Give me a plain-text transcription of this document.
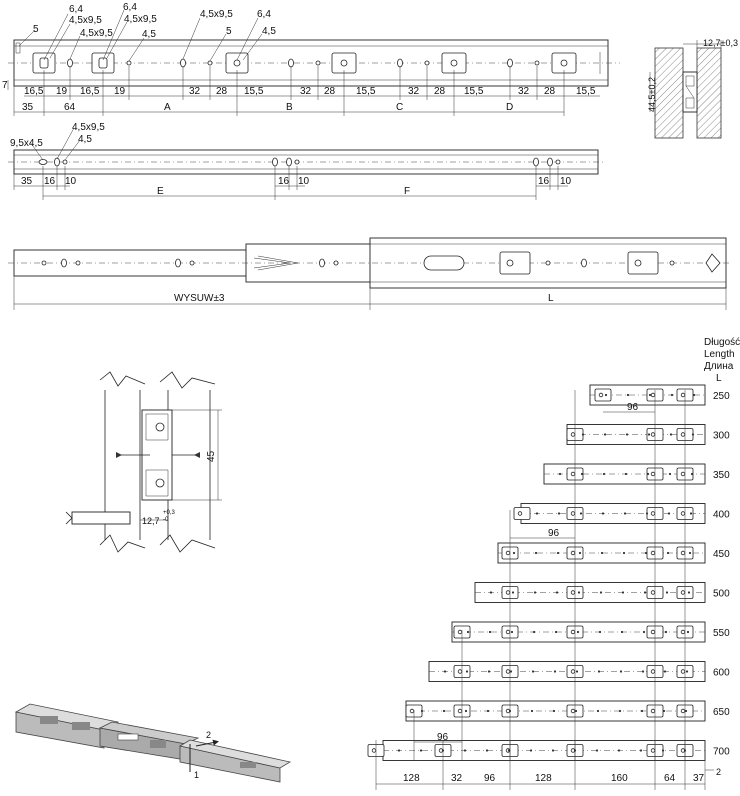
5
6,4
4,5x9,5
4,5x9,5
6,4
4,5x9,5
4,5
4,5x9,5
5
6,4
4,5
7
16,5 19 16,5 19
35	64	A
32 28 15,5
B
32 28 15,5
C
32 28 15,5
D
32 28 15,5
12,7±0,3
44,5±0,2
9,5x4,5
4,5x9,5
4,5
35 16 10
E
16 10
F
16 10
WYSUW±3	L
45
12,7
+0,3
-0
1
2
Długość
Length
Длина
L
250
300
350
400
450
500
550
600
650
700
96
96
96
128	32 96	128	160	64 37
2
